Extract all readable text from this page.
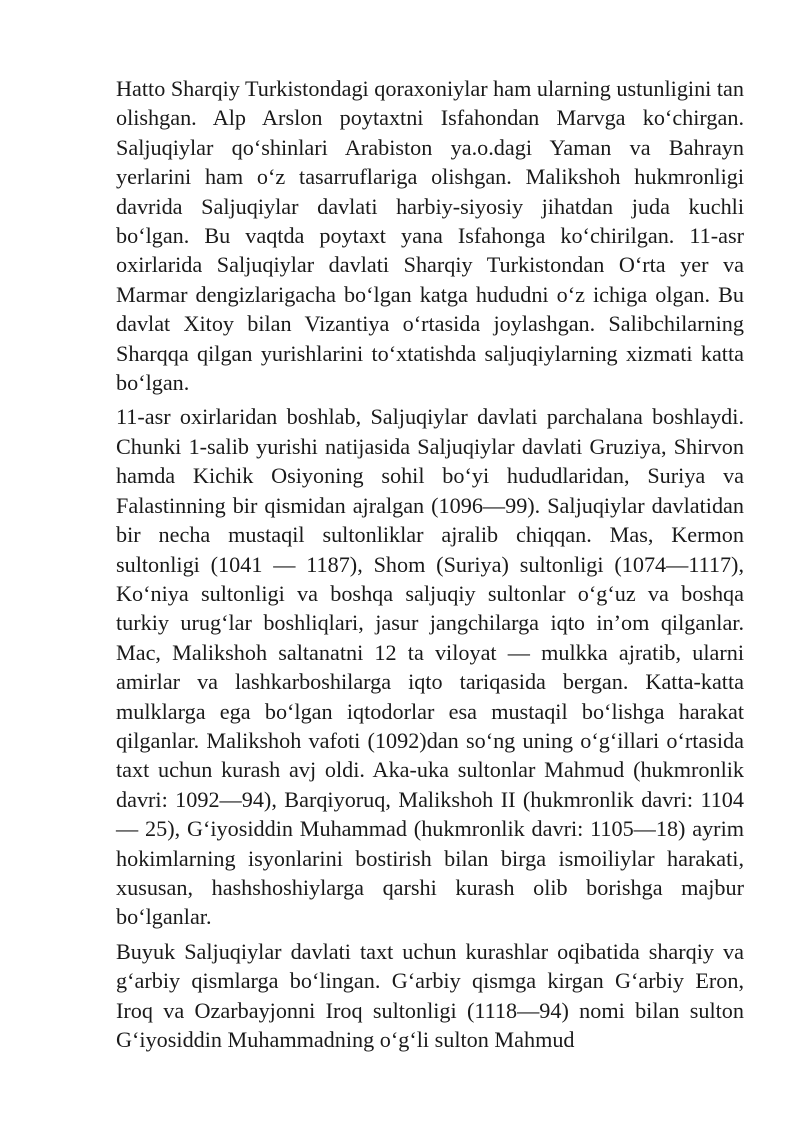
Hatto Sharqiy Turkistondagi qoraxoniylar ham ularning ustunligini tan olishgan. Alp Arslon poytaxtni Isfahondan Marvga ko‘chirgan. Saljuqiylar qo‘shinlari Arabiston ya.o.dagi Yaman va Bahrayn yerlarini ham o‘z tasarruflariga olishgan. Malikshoh hukmronligi davrida Saljuqiylar davlati harbiy-siyosiy jihatdan juda kuchli bo‘lgan. Bu vaqtda poytaxt yana Isfahonga ko‘chirilgan. 11-asr oxirlarida Saljuqiylar davlati Sharqiy Turkistondan O‘rta yer va Marmar dengizlarigacha bo‘lgan katga hududni o‘z ichiga olgan. Bu davlat Xitoy bilan Vizantiya o‘rtasida joylashgan. Salibchilarning Sharqqa qilgan yurishlarini to‘xtatishda saljuqiylarning xizmati katta bo‘lgan.

11-asr oxirlaridan boshlab, Saljuqiylar davlati parchalana boshlaydi. Chunki 1-salib yurishi natijasida Saljuqiylar davlati Gruziya, Shirvon hamda Kichik Osiyoning sohil bo‘yi hududlaridan, Suriya va Falastinning bir qismidan ajralgan (1096—99). Saljuqiylar davlatidan bir necha mustaqil sultonliklar ajralib chiqqan. Mas, Kermon sultonligi (1041 — 1187), Shom (Suriya) sultonligi (1074—1117), Ko‘niya sultonligi va boshqa saljuqiy sultonlar o‘g‘uz va boshqa turkiy urug‘lar boshliqlari, jasur jangchilarga iqto in’om qilganlar. Mac, Malikshoh saltanatni 12 ta viloyat — mulkka ajratib, ularni amirlar va lashkarboshilarga iqto tariqasida bergan. Katta-katta mulklarga ega bo‘lgan iqtodorlar esa mustaqil bo‘lishga harakat qilganlar. Malikshoh vafoti (1092)dan so‘ng uning o‘g‘illari o‘rtasida taxt uchun kurash avj oldi. Aka-uka sultonlar Mahmud (hukmronlik davri: 1092—94), Barqiyoruq, Malikshoh II (hukmronlik davri: 1104— 25), G‘iyosiddin Muhammad (hukmronlik davri: 1105—18) ayrim hokimlarning isyonlarini bostirish bilan birga ismoiliylar harakati, xususan, hashshoshiylarga qarshi kurash olib borishga majbur bo‘lganlar.

Buyuk Saljuqiylar davlati taxt uchun kurashlar oqibatida sharqiy va g‘arbiy qismlarga bo‘lingan. G‘arbiy qismga kirgan G‘arbiy Eron, Iroq va Ozarbayjonni Iroq sultonligi (1118—94) nomi bilan sulton G‘iyosiddin Muhammadning o‘g‘li sulton Mahmud
